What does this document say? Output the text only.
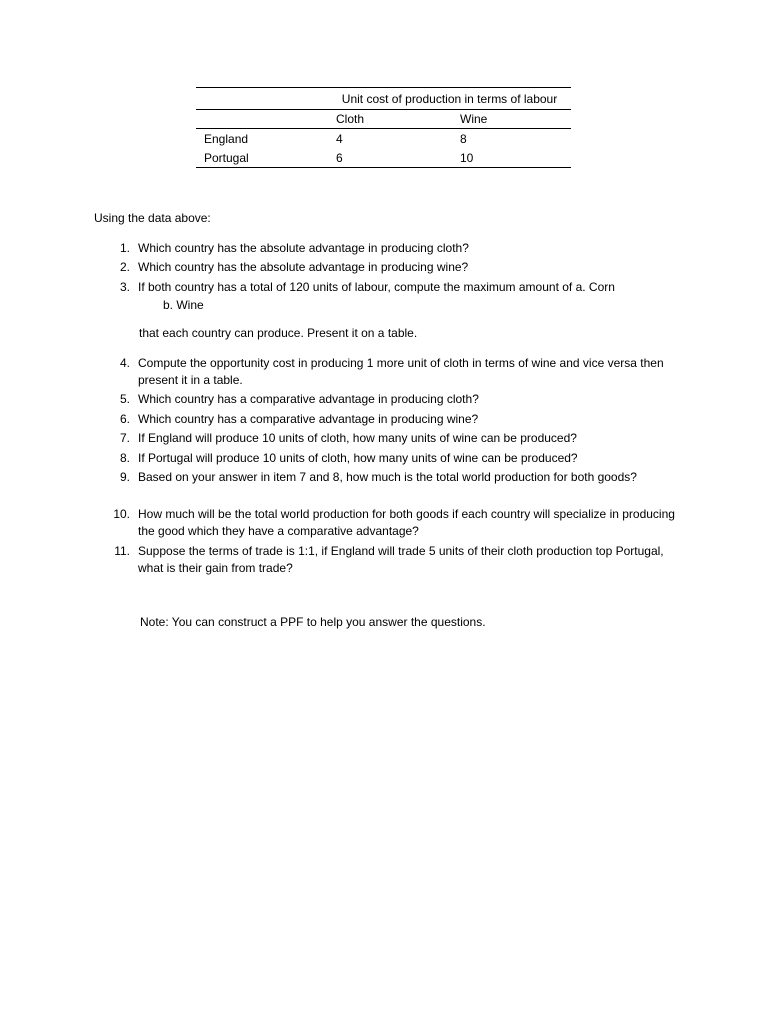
	Unit cost of production in terms of labour	
	Cloth	Wine
England	4	8
Portugal	6	10
Using the data above:
1. Which country has the absolute advantage in producing cloth?
2. Which country has the absolute advantage in producing wine?
3. If both country has a total of 120 units of labour, compute the maximum amount of a. Corn
b. Wine
that each country can produce. Present it on a table.
4. Compute the opportunity cost in producing 1 more unit of cloth in terms of wine and vice versa then present it in a table.
5. Which country has a comparative advantage in producing cloth?
6. Which country has a comparative advantage in producing wine?
7. If England will produce 10 units of cloth, how many units of wine can be produced?
8. If Portugal will produce 10 units of cloth, how many units of wine can be produced?
9. Based on your answer in item 7 and 8, how much is the total world production for both goods?
10. How much will be the total world production for both goods if each country will specialize in producing the good which they have a comparative advantage?
11. Suppose the terms of trade is 1:1, if England will trade 5 units of their cloth production top Portugal, what is their gain from trade?
Note: You can construct a PPF to help you answer the questions.
